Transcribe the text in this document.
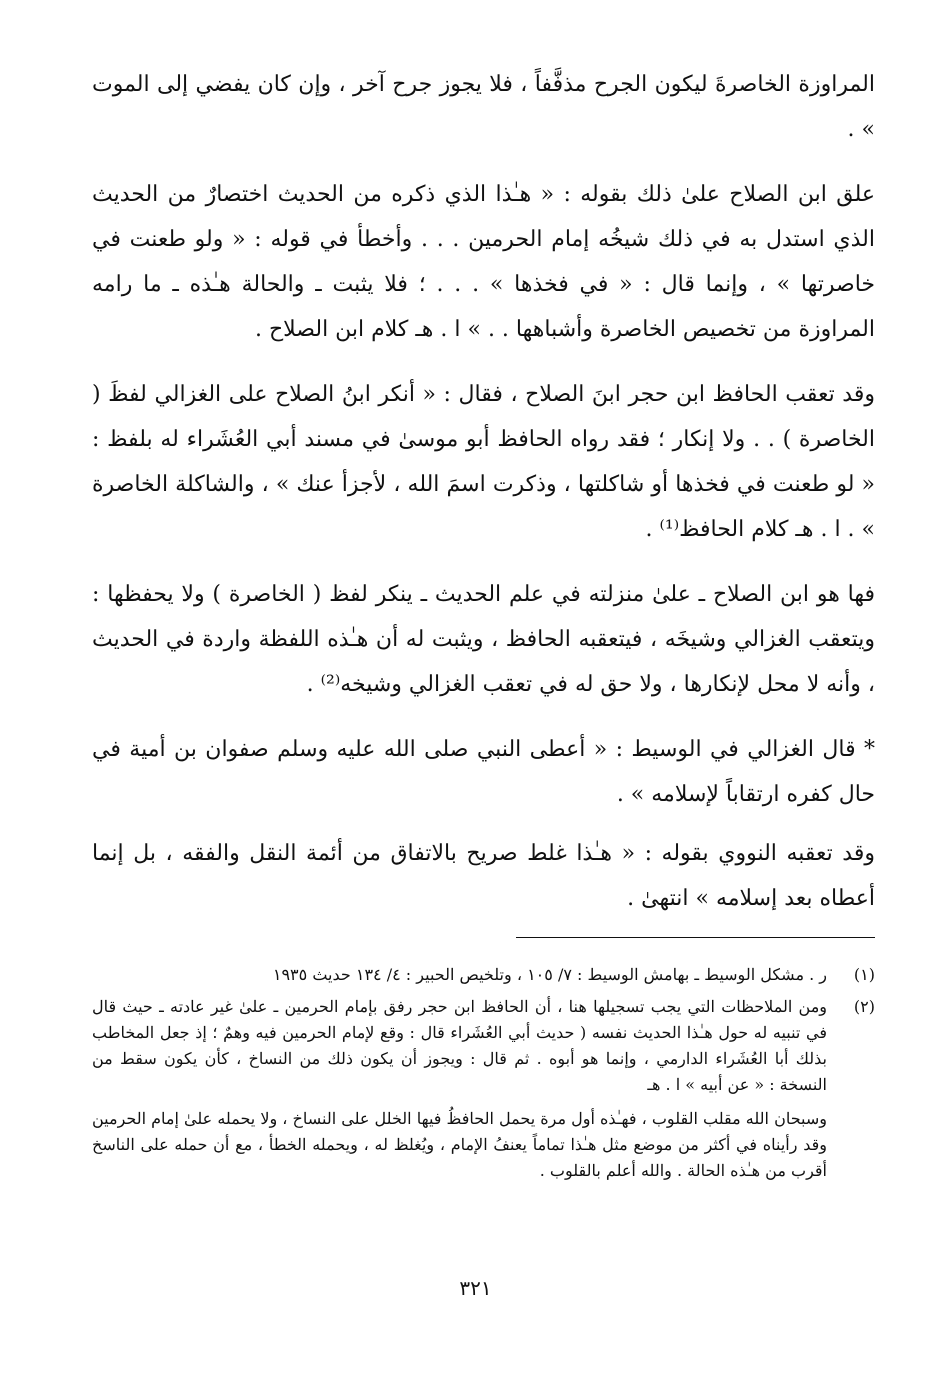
المراوزة الخاصرةَ ليكون الجرح مذفَّفاً ، فلا يجوز جرح آخر ، وإن كان يفضي إلى الموت » .

علق ابن الصلاح علىٰ ذلك بقوله : « هـٰذا الذي ذكره من الحديث اختصارٌ من الحديث الذي استدل به في ذلك شيخُه إمام الحرمين . . . وأخطأ في قوله : « ولو طعنت في خاصرتها » ، وإنما قال : « في فخذها » . . . ؛ فلا يثبت ـ والحالة هـٰذه ـ ما رامه المراوزة من تخصيص الخاصرة وأشباهها . . » ا . هـ كلام ابن الصلاح .

وقد تعقب الحافظ ابن حجر ابنَ الصلاح ، فقال : « أنكر ابنُ الصلاح على الغزالي لفظَ ( الخاصرة ) . . ولا إنكار ؛ فقد رواه الحافظ أبو موسىٰ في مسند أبي العُشَراء له بلفظ : « لو طعنت في فخذها أو شاكلتها ، وذكرت اسمَ الله ، لأجزأ عنك » ، والشاكلة الخاصرة » . ا . هـ كلام الحافظ⁽¹⁾ .

فها هو ابن الصلاح ـ علىٰ منزلته في علم الحديث ـ ينكر لفظ ( الخاصرة ) ولا يحفظها : ويتعقب الغزالي وشيخَه ، فيتعقبه الحافظ ، ويثبت له أن هـٰذه اللفظة واردة في الحديث ، وأنه لا محل لإنكارها ، ولا حق له في تعقب الغزالي وشيخه⁽²⁾ .

* قال الغزالي في الوسيط : « أعطى النبي صلى الله عليه وسلم صفوان بن أمية في حال كفره ارتقاباً لإسلامه » .

وقد تعقبه النووي بقوله : « هـٰذا غلط صريح بالاتفاق من أئمة النقل والفقه ، بل إنما أعطاه بعد إسلامه » انتهىٰ .

(١)
ر . مشكل الوسيط ـ بهامش الوسيط : ٧/ ١٠٥ ، وتلخيص الحبير : ٤/ ١٣٤ حديث ١٩٣٥
(٢)
ومن الملاحظات التي يجب تسجيلها هنا ، أن الحافظ ابن حجر رفق بإمام الحرمين ـ علىٰ غير عادته ـ حيث قال في تنبيه له حول هـٰذا الحديث نفسه ( حديث أبي العُشَراء قال : وقع لإمام الحرمين فيه وهمٌ ؛ إذ جعل المخاطب بذلك أبا العُشَراء الدارمي ، وإنما هو أبوه . ثم قال : ويجوز أن يكون ذلك من النساخ ، كأن يكون سقط من النسخة : « عن أبيه » ا . هـ
وسبحان الله مقلب القلوب ، فهـٰذه أول مرة يحمل الحافظُ فيها الخلل على النساخ ، ولا يحمله علىٰ إمام الحرمين وقد رأيناه في أكثر من موضع مثل هـٰذا تماماً يعنفُ الإمام ، ويُغلظ له ، ويحمله الخطأ ، مع أن حمله على الناسخ أقرب من هـٰذه الحالة . والله أعلم بالقلوب .
٣٢١
